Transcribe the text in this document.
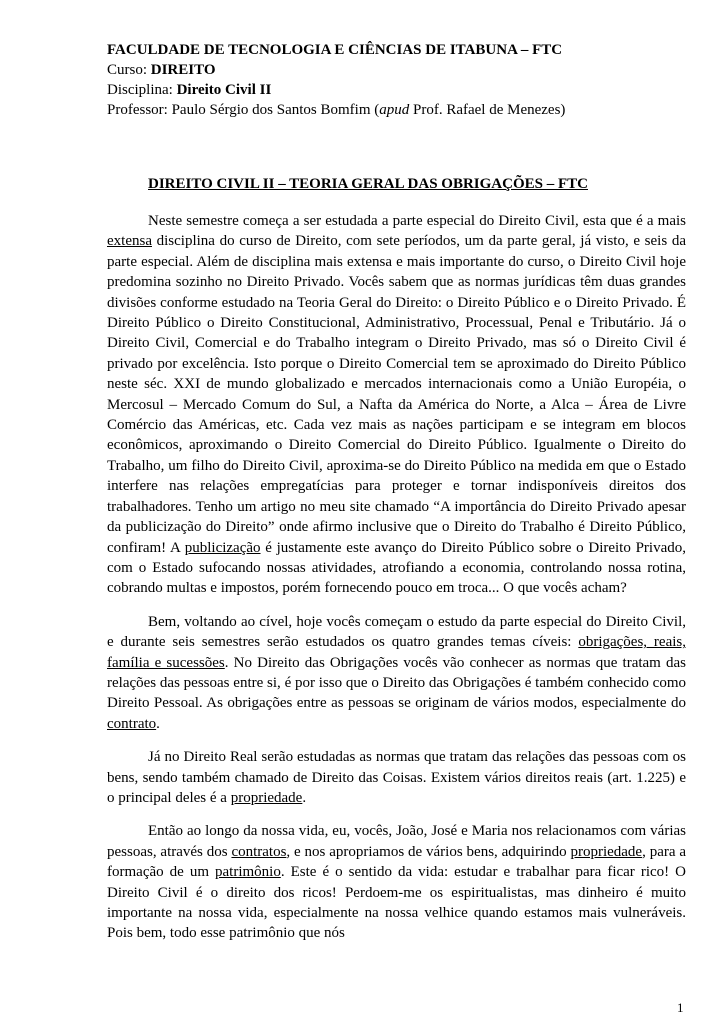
FACULDADE DE TECNOLOGIA E CIÊNCIAS DE ITABUNA – FTC
Curso: DIREITO
Disciplina: Direito Civil II
Professor: Paulo Sérgio dos Santos Bomfim (apud Prof. Rafael de Menezes)
DIREITO CIVIL II – TEORIA GERAL DAS OBRIGAÇÕES – FTC

Neste semestre começa a ser estudada a parte especial do Direito Civil, esta que é a mais extensa disciplina do curso de Direito, com sete períodos, um da parte geral, já visto, e seis da parte especial. Além de disciplina mais extensa e mais importante do curso, o Direito Civil hoje predomina sozinho no Direito Privado. Vocês sabem que as normas jurídicas têm duas grandes divisões conforme estudado na Teoria Geral do Direito: o Direito Público e o Direito Privado. É Direito Público o Direito Constitucional, Administrativo, Processual, Penal e Tributário. Já o Direito Civil, Comercial e do Trabalho integram o Direito Privado, mas só o Direito Civil é privado por excelência. Isto porque o Direito Comercial tem se aproximado do Direito Público neste séc. XXI de mundo globalizado e mercados internacionais como a União Européia, o Mercosul – Mercado Comum do Sul, a Nafta da América do Norte, a Alca – Área de Livre Comércio das Américas, etc. Cada vez mais as nações participam e se integram em blocos econômicos, aproximando o Direito Comercial do Direito Público. Igualmente o Direito do Trabalho, um filho do Direito Civil, aproxima-se do Direito Público na medida em que o Estado interfere nas relações empregatícias para proteger e tornar indisponíveis direitos dos trabalhadores. Tenho um artigo no meu site chamado “A importância do Direito Privado apesar da publicização do Direito” onde afirmo inclusive que o Direito do Trabalho é Direito Público, confiram! A publicização é justamente este avanço do Direito Público sobre o Direito Privado, com o Estado sufocando nossas atividades, atrofiando a economia, controlando nossa rotina, cobrando multas e impostos, porém fornecendo pouco em troca... O que vocês acham?

Bem, voltando ao cível, hoje vocês começam o estudo da parte especial do Direito Civil, e durante seis semestres serão estudados os quatro grandes temas cíveis: obrigações, reais, família e sucessões. No Direito das Obrigações vocês vão conhecer as normas que tratam das relações das pessoas entre si, é por isso que o Direito das Obrigações é também conhecido como Direito Pessoal. As obrigações entre as pessoas se originam de vários modos, especialmente do contrato.

Já no Direito Real serão estudadas as normas que tratam das relações das pessoas com os bens, sendo também chamado de Direito das Coisas. Existem vários direitos reais (art. 1.225) e o principal deles é a propriedade.

Então ao longo da nossa vida, eu, vocês, João, José e Maria nos relacionamos com várias pessoas, através dos contratos, e nos apropriamos de vários bens, adquirindo propriedade, para a formação de um patrimônio. Este é o sentido da vida: estudar e trabalhar para ficar rico! O Direito Civil é o direito dos ricos! Perdoem-me os espiritualistas, mas dinheiro é muito importante na nossa vida, especialmente na nossa velhice quando estamos mais vulneráveis. Pois bem, todo esse patrimônio que nós

1
